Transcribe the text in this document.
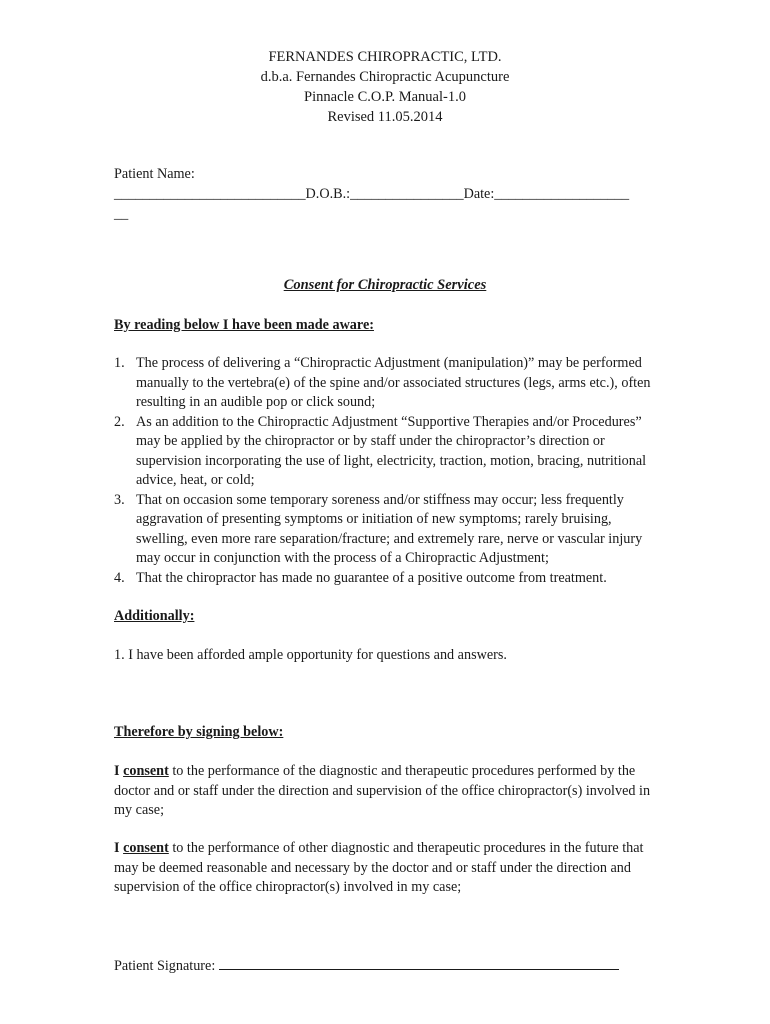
FERNANDES CHIROPRACTIC, LTD.
d.b.a. Fernandes Chiropractic Acupuncture
Pinnacle C.O.P. Manual-1.0
Revised 11.05.2014
Patient Name:
___________________________D.O.B.:________________Date:___________________
__
Consent for Chiropractic Services
By reading below I have been made aware:
1. The process of delivering a “Chiropractic Adjustment (manipulation)” may be performed manually to the vertebra(e) of the spine and/or associated structures (legs, arms etc.), often resulting in an audible pop or click sound;
2. As an addition to the Chiropractic Adjustment “Supportive Therapies and/or Procedures” may be applied by the chiropractor or by staff under the chiropractor’s direction or supervision incorporating the use of light, electricity, traction, motion, bracing, nutritional advice, heat, or cold;
3. That on occasion some temporary soreness and/or stiffness may occur; less frequently aggravation of presenting symptoms or initiation of new symptoms; rarely bruising, swelling, even more rare separation/fracture; and extremely rare, nerve or vascular injury may occur in conjunction with the process of a Chiropractic Adjustment;
4. That the chiropractor has made no guarantee of a positive outcome from treatment.
Additionally:
1. I have been afforded ample opportunity for questions and answers.
Therefore by signing below:
I consent to the performance of the diagnostic and therapeutic procedures performed by the doctor and or staff under the direction and supervision of the office chiropractor(s) involved in my case;
I consent to the performance of other diagnostic and therapeutic procedures in the future that may be deemed reasonable and necessary by the doctor and or staff under the direction and supervision of the office chiropractor(s) involved in my case;
Patient Signature:
